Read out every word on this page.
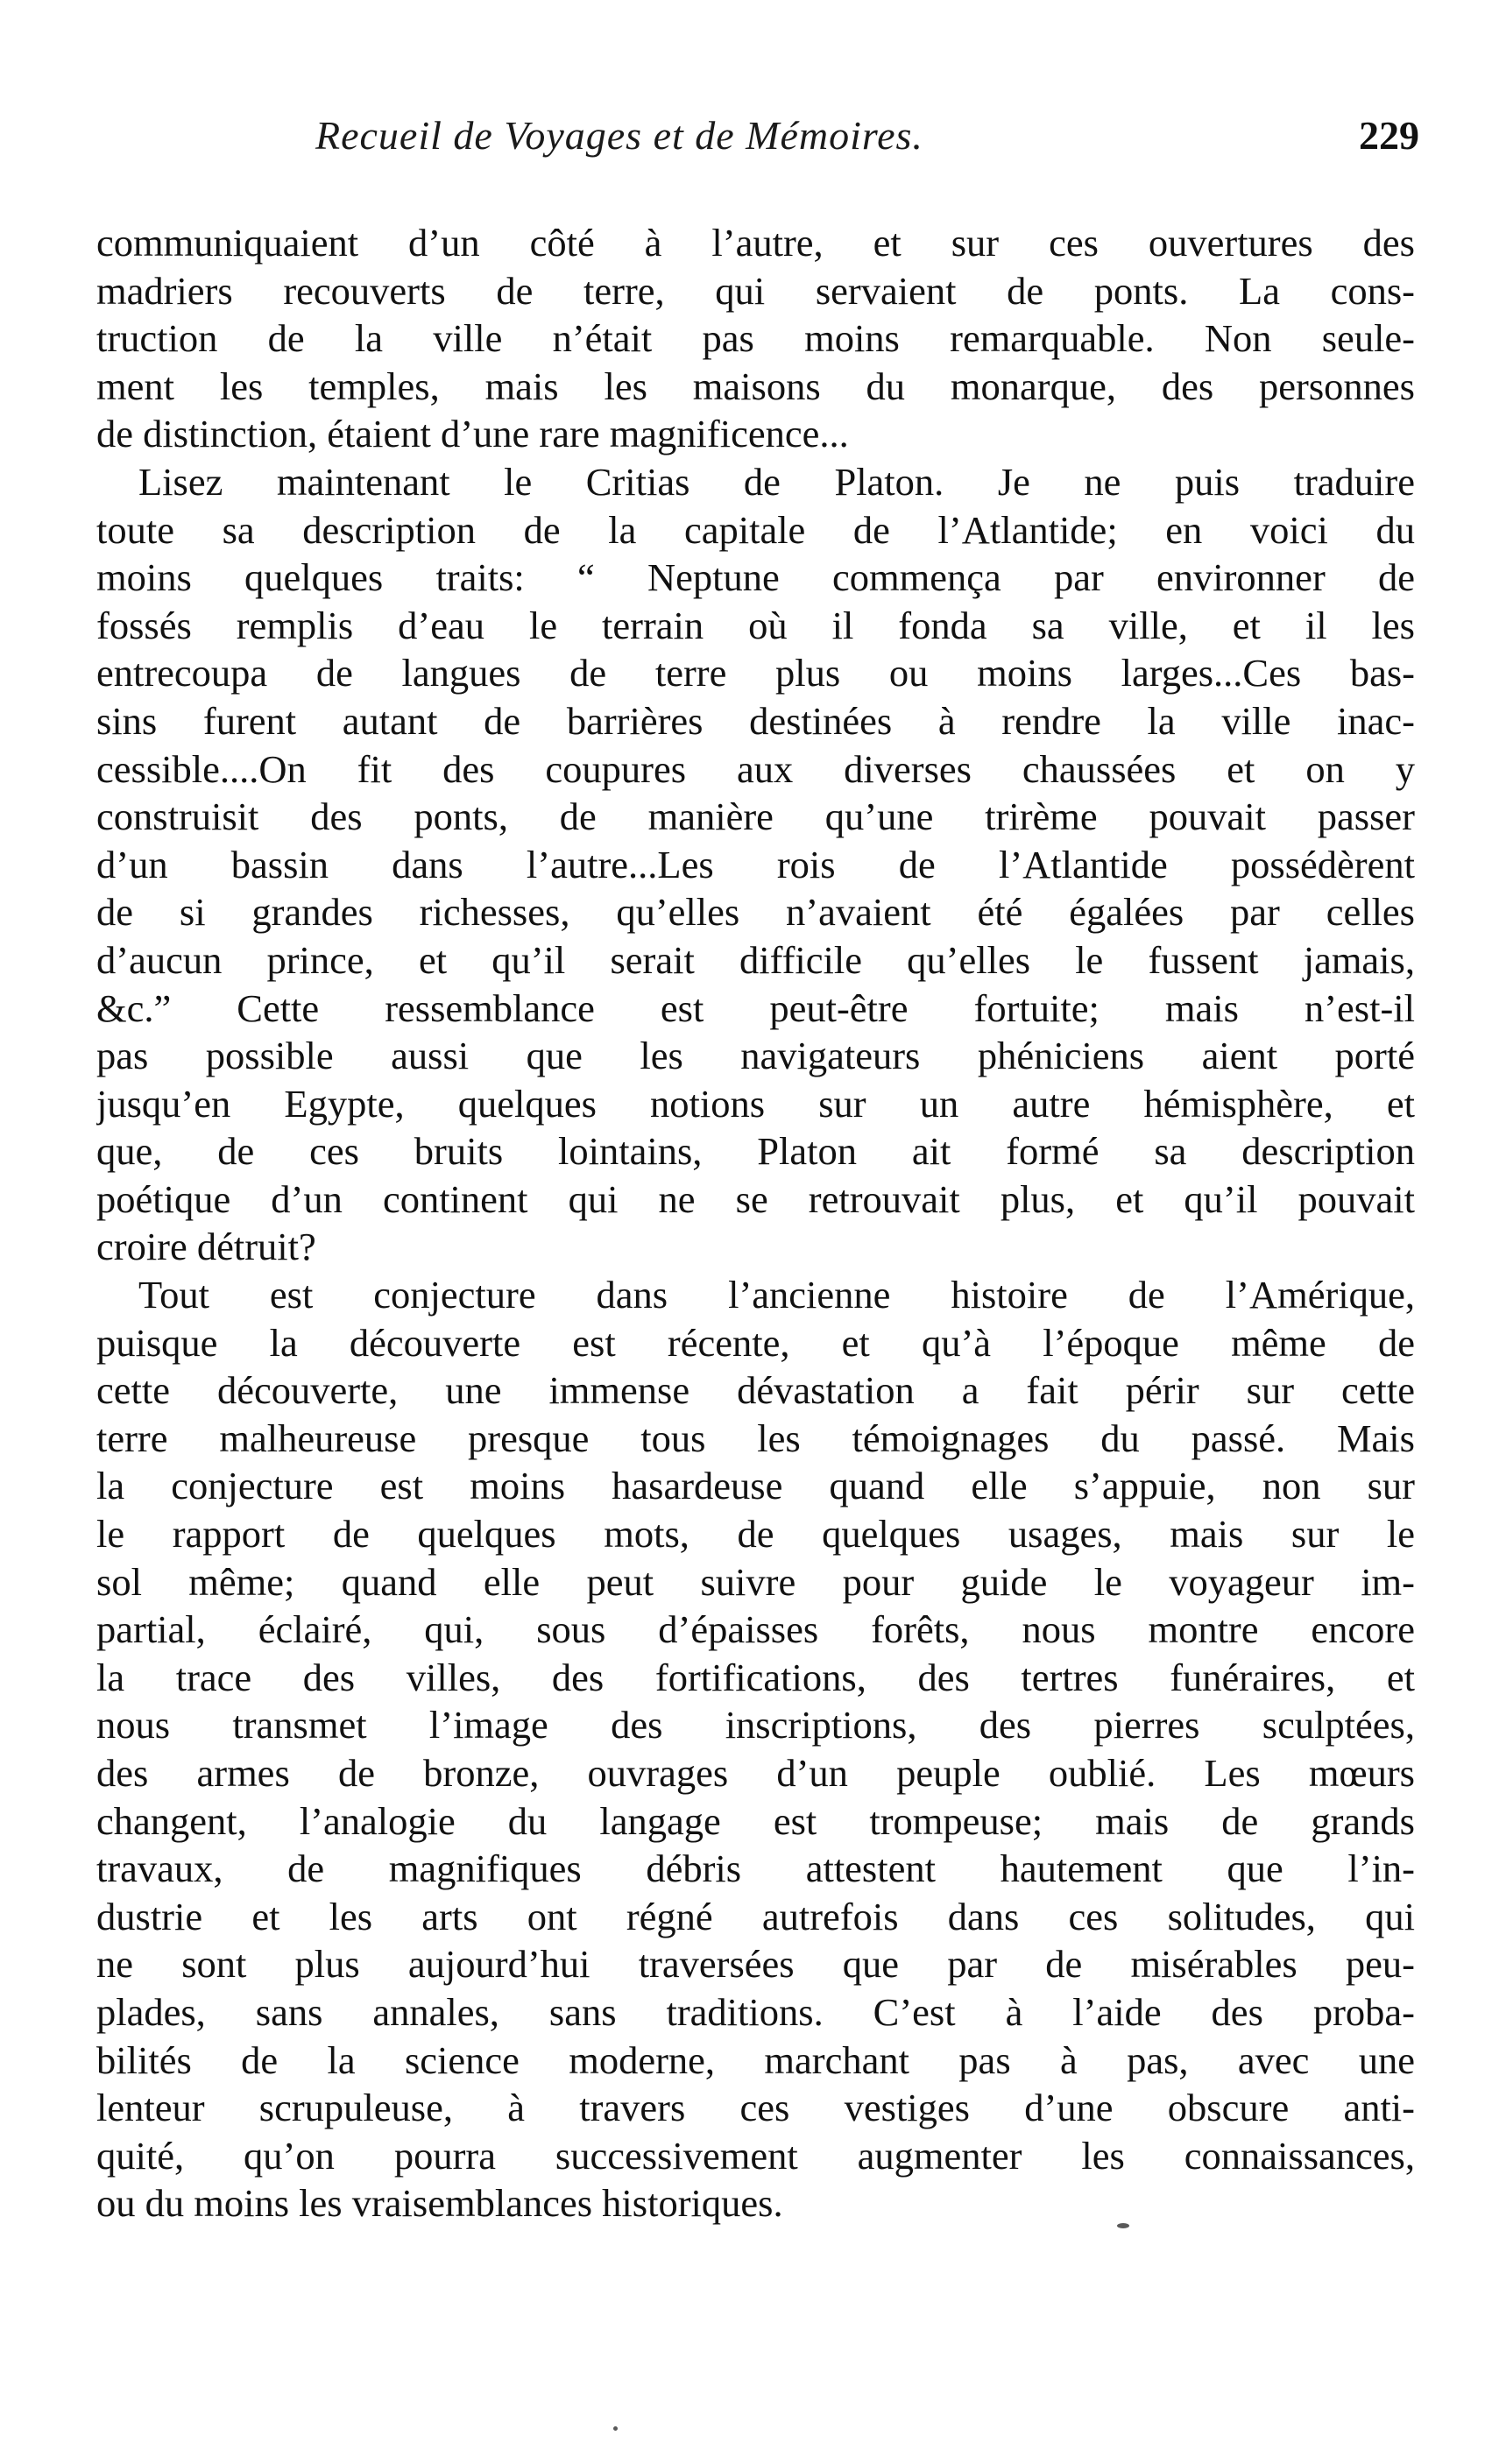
Recueil de Voyages et de Mémoires.	229
communiquaient d’un côté à l’autre, et sur ces ouvertures des
madriers recouverts de terre, qui servaient de ponts. La cons-
truction de la ville n’était pas moins remarquable. Non seule-
ment les temples, mais les maisons du monarque, des personnes
de distinction, étaient d’une rare magnificence...
Lisez maintenant le Critias de Platon. Je ne puis traduire
toute sa description de la capitale de l’Atlantide; en voici du
moins quelques traits: “ Neptune commença par environner de
fossés remplis d’eau le terrain où il fonda sa ville, et il les
entrecoupa de langues de terre plus ou moins larges...Ces bas-
sins furent autant de barrières destinées à rendre la ville inac-
cessible....On fit des coupures aux diverses chaussées et on y
construisit des ponts, de manière qu’une trirème pouvait passer
d’un bassin dans l’autre...Les rois de l’Atlantide possédèrent
de si grandes richesses, qu’elles n’avaient été égalées par celles
d’aucun prince, et qu’il serait difficile qu’elles le fussent jamais,
&c.” Cette ressemblance est peut-être fortuite; mais n’est-il
pas possible aussi que les navigateurs phéniciens aient porté
jusqu’en Egypte, quelques notions sur un autre hémisphère, et
que, de ces bruits lointains, Platon ait formé sa description
poétique d’un continent qui ne se retrouvait plus, et qu’il pouvait
croire détruit?
Tout est conjecture dans l’ancienne histoire de l’Amérique,
puisque la découverte est récente, et qu’à l’époque même de
cette découverte, une immense dévastation a fait périr sur cette
terre malheureuse presque tous les témoignages du passé. Mais
la conjecture est moins hasardeuse quand elle s’appuie, non sur
le rapport de quelques mots, de quelques usages, mais sur le
sol même; quand elle peut suivre pour guide le voyageur im-
partial, éclairé, qui, sous d’épaisses forêts, nous montre encore
la trace des villes, des fortifications, des tertres funéraires, et
nous transmet l’image des inscriptions, des pierres sculptées,
des armes de bronze, ouvrages d’un peuple oublié. Les mœurs
changent, l’analogie du langage est trompeuse; mais de grands
travaux, de magnifiques débris attestent hautement que l’in-
dustrie et les arts ont régné autrefois dans ces solitudes, qui
ne sont plus aujourd’hui traversées que par de misérables peu-
plades, sans annales, sans traditions. C’est à l’aide des proba-
bilités de la science moderne, marchant pas à pas, avec une
lenteur scrupuleuse, à travers ces vestiges d’une obscure anti-
quité, qu’on pourra successivement augmenter les connaissances,
ou du moins les vraisemblances historiques.
